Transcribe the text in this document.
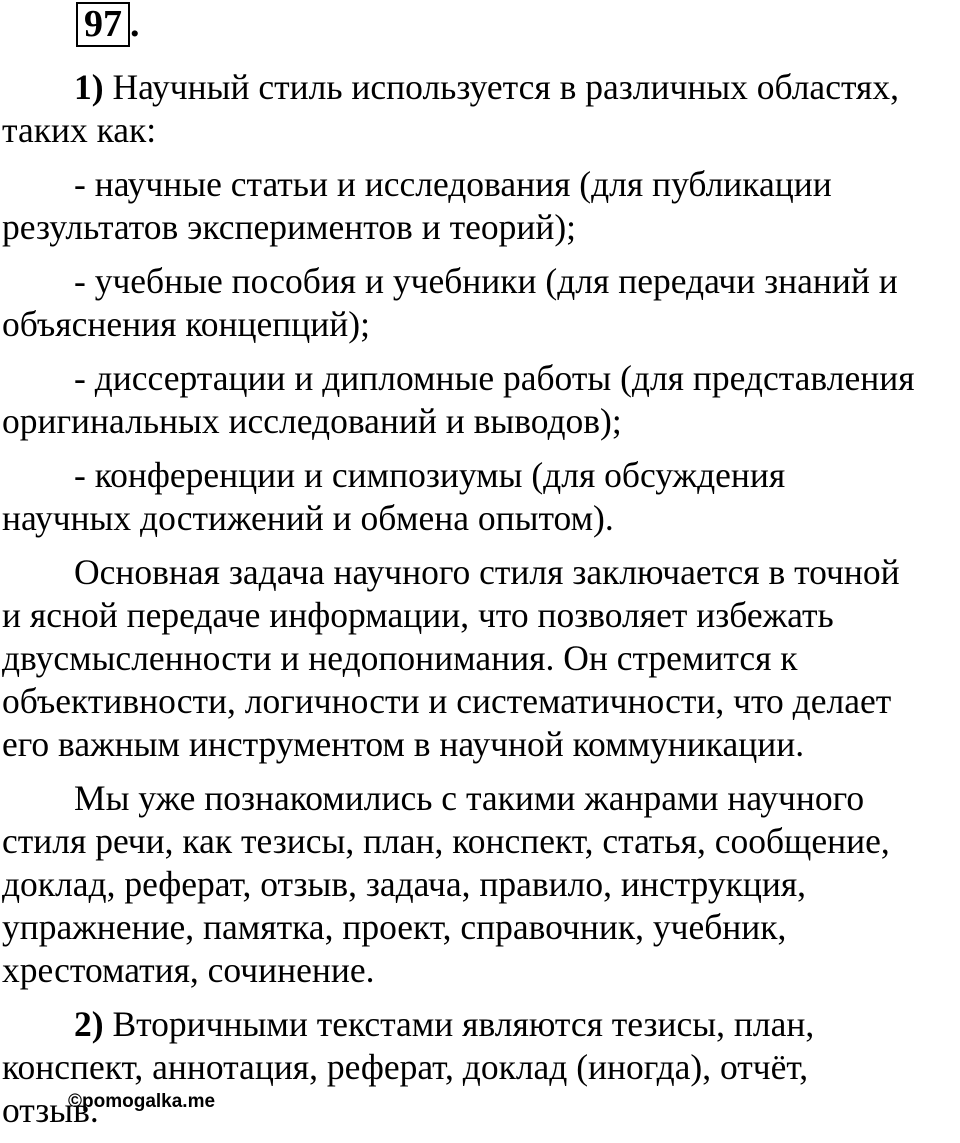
97 .

1) Научный стиль используется в различных областях,
таких как:

- научные статьи и исследования (для публикации
результатов экспериментов и теорий);

- учебные пособия и учебники (для передачи знаний и
объяснения концепций);

- диссертации и дипломные работы (для представления
оригинальных исследований и выводов);

- конференции и симпозиумы (для обсуждения
научных достижений и обмена опытом).

Основная задача научного стиля заключается в точной
и ясной передаче информации, что позволяет избежать
двусмысленности и недопонимания. Он стремится к
объективности, логичности и систематичности, что делает
его важным инструментом в научной коммуникации.

Мы уже познакомились с такими жанрами научного
стиля речи, как тезисы, план, конспект, статья, сообщение,
доклад, реферат, отзыв, задача, правило, инструкция,
упражнение, памятка, проект, справочник, учебник,
хрестоматия, сочинение.

2) Вторичными текстами являются тезисы, план,
конспект, аннотация, реферат, доклад (иногда), отчёт,
отзыв.

©pomogalka.me
